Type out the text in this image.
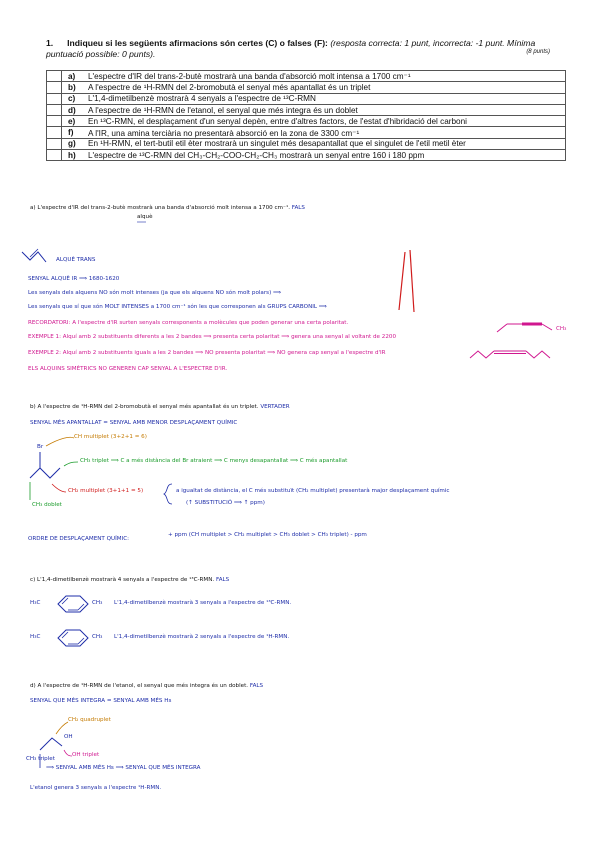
1. Indiqueu si les següents afirmacions són certes (C) o falses (F): (resposta correcta: 1 punt, incorrecta: -1 punt. Mínima puntuació possible: 0 punts).	(8 punts)
	a)	L'espectre d'IR del trans-2-butè mostrarà una banda d'absorció molt intensa a 1700 cm⁻¹
	b)	A l'espectre de ¹H-RMN del 2-bromobutà el senyal més apantallat és un triplet
	c)	L'1,4-dimetilbenzè mostrarà 4 senyals a l'espectre de ¹³C-RMN
	d)	A l'espectre de ¹H-RMN de l'etanol, el senyal que més integra és un doblet
	e)	En ¹³C-RMN, el desplaçament d'un senyal depèn, entre d'altres factors, de l'estat d'hibridació del carboni
	f)	A l'IR, una amina terciària no presentarà absorció en la zona de 3300 cm⁻¹
	g)	En ¹H-RMN, el tert-butil etil èter mostrarà un singulet més desapantallat que el singulet de l'etil metil èter
	h)	L'espectre de ¹³C-RMN del CH₃-CH₂-COO-CH₂-CH₃ mostrarà un senyal entre 160 i 180 ppm
a) L'espectre d'IR del trans-2-butè mostrarà una banda d'absorció molt intensa a 1700 cm⁻¹. FALS
alquè
ALQUÈ TRANS
SENYAL ALQUÈ IR ⟹ 1680-1620
Les senyals dels alquens NO són molt intenses (ja que els alquens NO són molt polars) ⟹
Les senyals que sí que són MOLT INTENSES a 1700 cm⁻¹ són les que corresponen als GRUPS CARBONIL ⟹
RECORDATORI: A l'espectre d'IR surten senyals corresponents a molècules que poden generar una certa polaritat.
EXEMPLE 1: Alquí amb 2 substituents diferents a les 2 bandes ⟹ presenta certa polaritat ⟹ genera una senyal al voltant de 2200
CH₃
EXEMPLE 2: Alquí amb 2 substituents iguals a les 2 bandes ⟹ NO presenta polaritat ⟹ NO genera cap senyal a l'espectre d'IR
ELS ALQUINS SIMÈTRICS NO GENEREN CAP SENYAL A L'ESPECTRE D'IR.
b) A l'espectre de ¹H-RMN del 2-bromobutà el senyal més apantallat és un triplet. VERTADER
SENYAL MÉS APANTALLAT = SENYAL AMB MENOR DESPLAÇAMENT QUÍMIC
Br
CH multiplet (3+2+1 = 6)
CH₃ triplet ⟹ C a més distància del Br atraient ⟹ C menys desapantallat ⟹ C més apantallat
CH₂ multiplet (3+1+1 = 5)
CH₃ doblet
a igualtat de distància, el C més substituït (CH₂ multiplet) presentarà major desplaçament químic
(↑ SUBSTITUCIÓ ⟹ ↑ ppm)
ORDRE DE DESPLAÇAMENT QUÍMIC:
+ ppm (CH multiplet > CH₂ multiplet > CH₃ doblet > CH₃ triplet) - ppm
c) L'1,4-dimetilbenzè mostrarà 4 senyals a l'espectre de ¹³C-RMN. FALS
H₃C	CH₃ L'1,4-dimetilbenzè mostrarà 3 senyals a l'espectre de ¹³C-RMN.
H₃C	CH₃ L'1,4-dimetilbenzè mostrarà 2 senyals a l'espectre de ¹H-RMN.
d) A l'espectre de ¹H-RMN de l'etanol, el senyal que més integra és un doblet. FALS
SENYAL QUE MÉS INTEGRA = SENYAL AMB MÉS Hs
CH₂ quadruplet
OH
OH triplet
CH₃ triplet
⟹ SENYAL AMB MÉS Hs ⟹ SENYAL QUE MÉS INTEGRA
L'etanol genera 3 senyals a l'espectre ¹H-RMN.
